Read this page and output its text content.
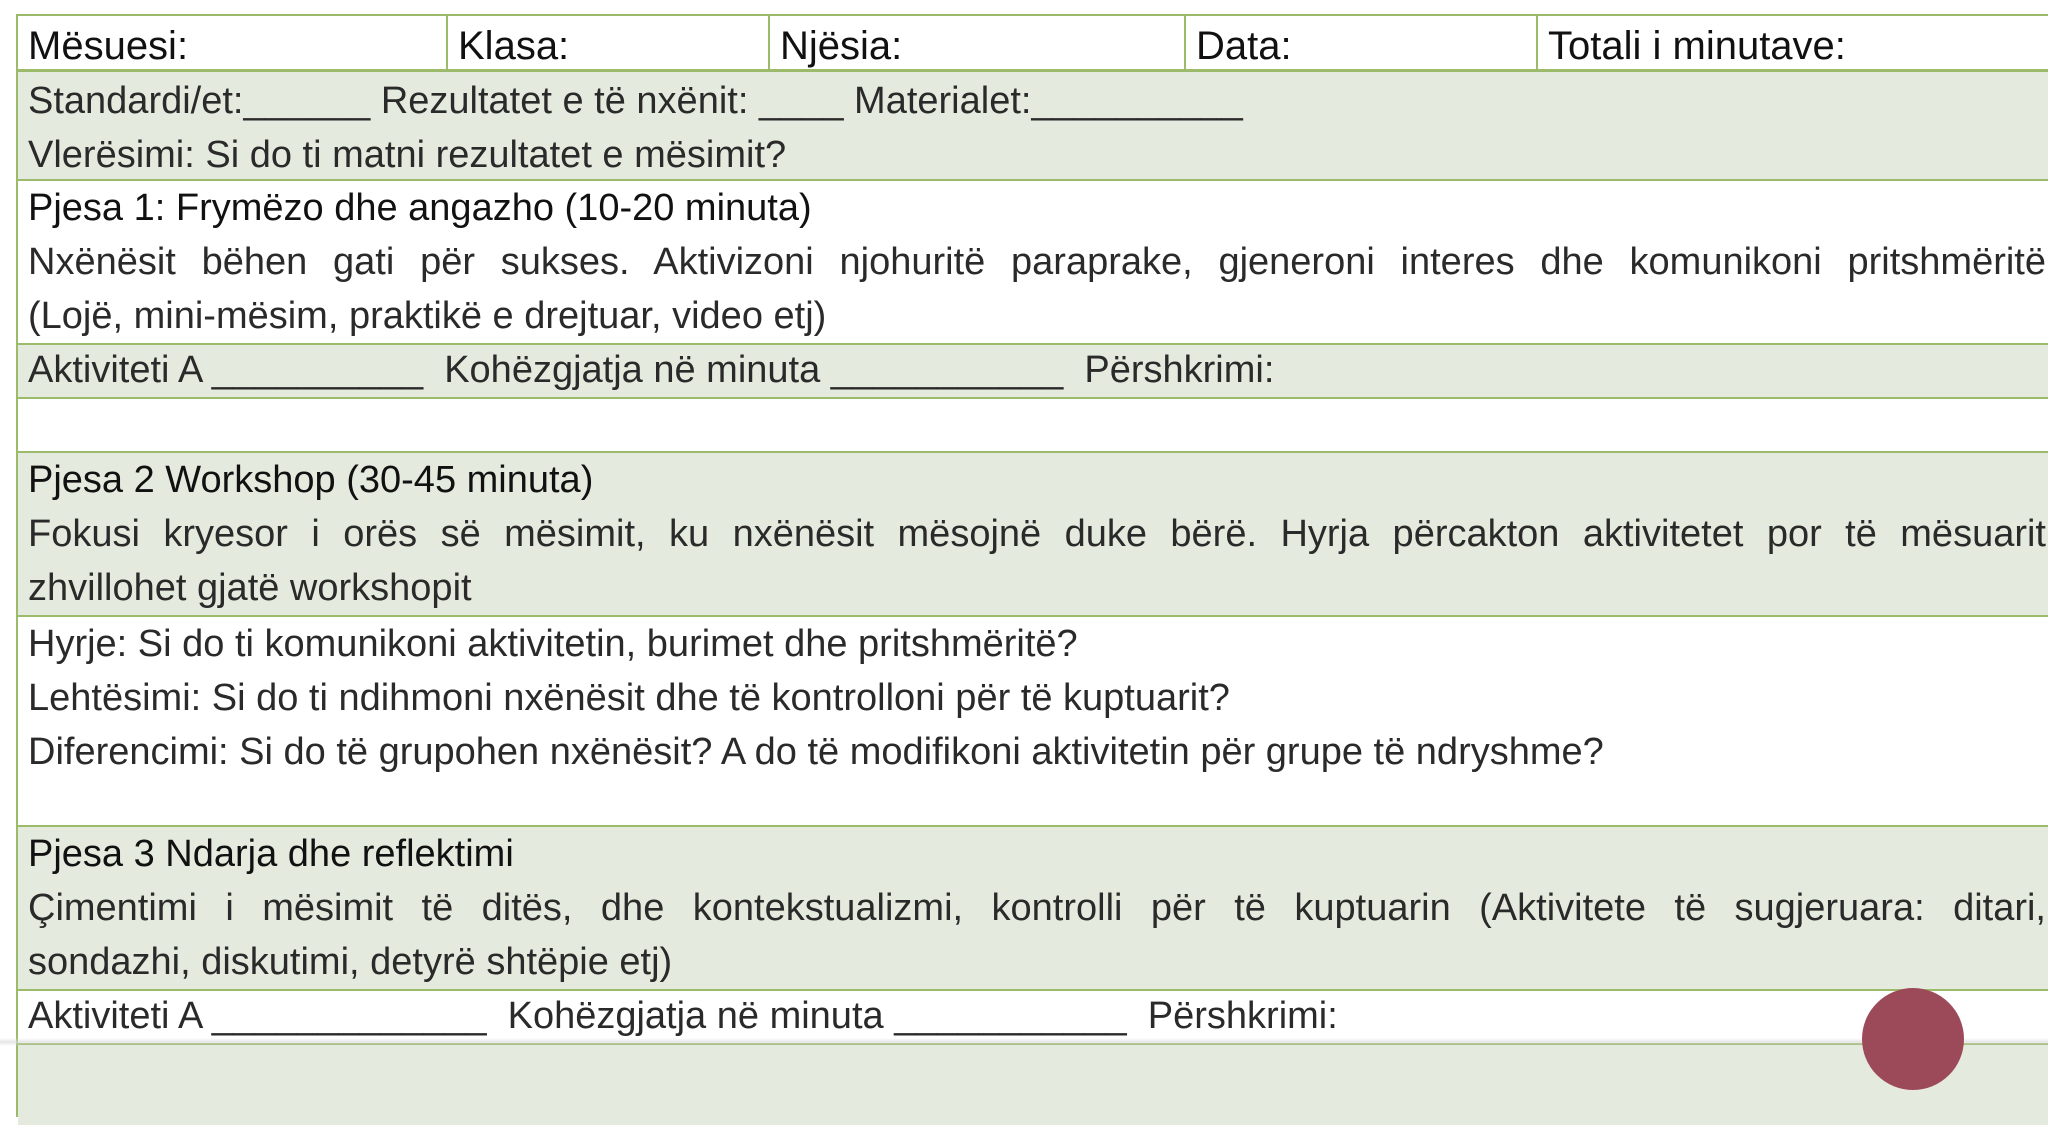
Mësuesi:	Klasa:	Njësia:	Data:	Totali i minutave:
Standardi/et:______ Rezultatet e të nxënit: ____ Materialet:__________
Vlerësimi: Si do ti matni rezultatet e mësimit?
Pjesa 1: Frymëzo dhe angazho (10-20 minuta)
Nxënësit bëhen gati për sukses. Aktivizoni njohuritë paraprake, gjeneroni interes dhe komunikoni pritshmëritë
(Lojë, mini-mësim, praktikë e drejtuar, video etj)
Aktiviteti A __________  Kohëzgjatja në minuta ___________  Përshkrimi:
Pjesa 2 Workshop (30-45 minuta)
Fokusi kryesor i orës së mësimit, ku nxënësit mësojnë duke bërë. Hyrja përcakton aktivitetet por të mësuarit
zhvillohet gjatë workshopit
Hyrje: Si do ti komunikoni aktivitetin, burimet dhe pritshmëritë?
Lehtësimi: Si do ti ndihmoni nxënësit dhe të kontrolloni për të kuptuarit?
Diferencimi: Si do të grupohen nxënësit? A do të modifikoni aktivitetin për grupe të ndryshme?
Pjesa 3 Ndarja dhe reflektimi
Çimentimi i mësimit të ditës, dhe kontekstualizmi, kontrolli për të kuptuarin (Aktivitete të sugjeruara: ditari,
sondazhi, diskutimi, detyrë shtëpie etj)
Aktiviteti A _____________  Kohëzgjatja në minuta ___________  Përshkrimi:
